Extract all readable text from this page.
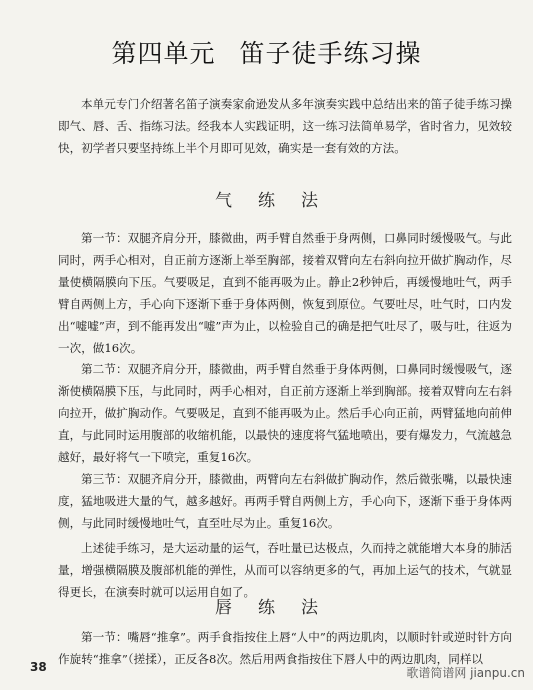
第四单元 笛子徒手练习操

本单元专门介绍著名笛子演奏家俞逊发从多年演奏实践中总结出来的笛子徒手练习操即气、唇、舌、指练习法。经我本人实践证明，这一练习法简单易学，省时省力，见效较快，初学者只要坚持练上半个月即可见效，确实是一套有效的方法。

气练法

第一节：双腿齐肩分开，膝微曲，两手臂自然垂于身两侧，口鼻同时缓慢吸气。与此同时，两手心相对，自正前方逐渐上举至胸部，接着双臂向左右斜向拉开做扩胸动作，尽量使横隔膜向下压。气要吸足，直到不能再吸为止。静止2秒钟后，再缓慢地吐气，两手臂自两侧上方，手心向下逐渐下垂于身体两侧，恢复到原位。气要吐尽，吐气时，口内发出“嘘嘘”声，到不能再发出“嘘”声为止，以检验自己的确是把气吐尽了，吸与吐，往返为一次，做16次。

第二节：双腿齐肩分开，膝微曲，两手臂自然垂于身体两侧，口鼻同时缓慢吸气，逐渐使横隔膜下压，与此同时，两手心相对，自正前方逐渐上举到胸部。接着双臂向左右斜向拉开，做扩胸动作。气要吸足，直到不能再吸为止。然后手心向正前，两臂猛地向前伸直，与此同时运用腹部的收缩机能，以最快的速度将气猛地喷出，要有爆发力，气流越急越好，最好将气一下喷完，重复16次。

第三节：双腿齐肩分开，膝微曲，两臂向左右斜做扩胸动作，然后微张嘴，以最快速度，猛地吸进大量的气，越多越好。再两手臂自两侧上方，手心向下，逐渐下垂于身体两侧，与此同时缓慢地吐气，直至吐尽为止。重复16次。

上述徒手练习，是大运动量的运气，吞吐量已达极点，久而持之就能增大本身的肺活量，增强横隔膜及腹部机能的弹性，从而可以容纳更多的气，再加上运气的技术，气就显得更长，在演奏时就可以运用自如了。

唇练法

第一节：嘴唇“推拿”。两手食指按住上唇“人中”的两边肌肉，以顺时针或逆时针方向作旋转“推拿”（搓揉），正反各8次。然后用两食指按住下唇人中的两边肌肉，同样以

38	歌谱简谱网 jianpu.cn
